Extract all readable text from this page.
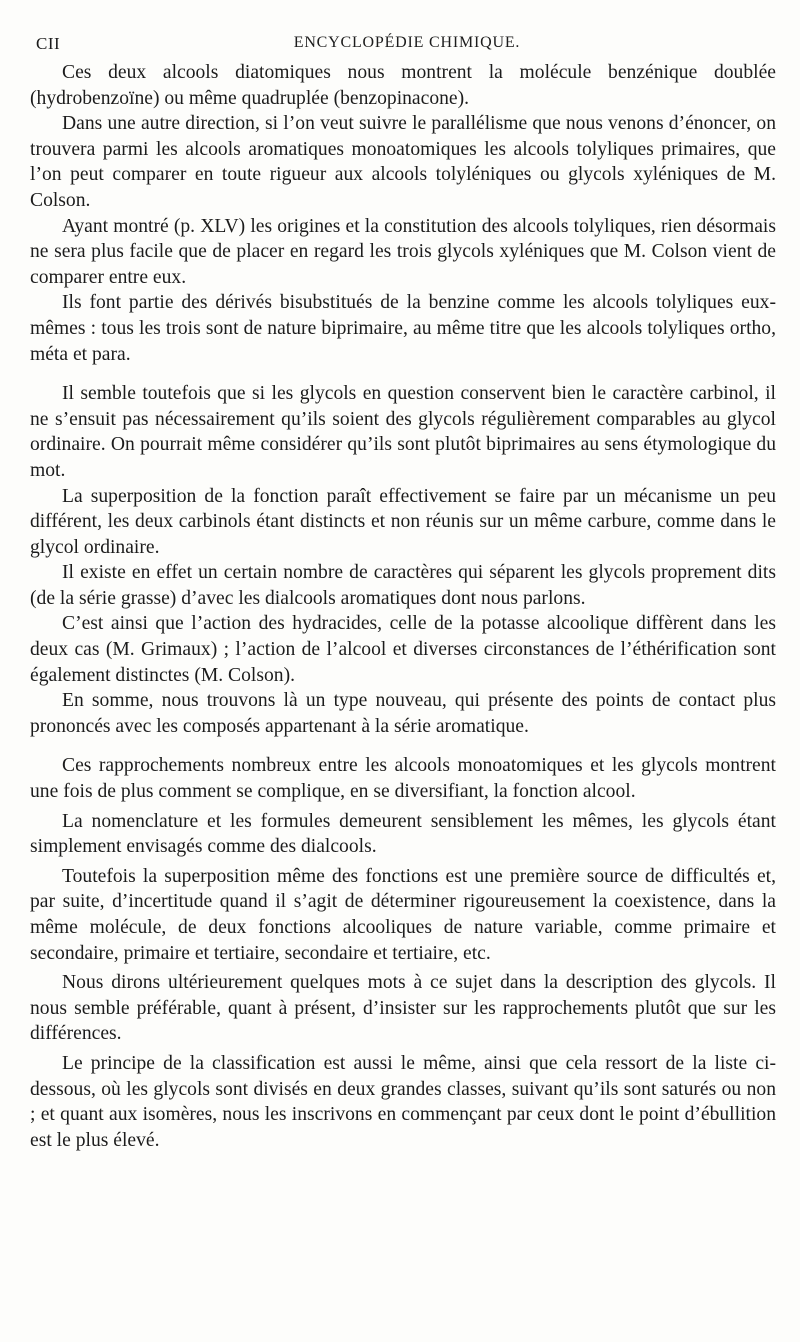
CII	ENCYCLOPÉDIE CHIMIQUE.

Ces deux alcools diatomiques nous montrent la molécule benzénique doublée (hydrobenzoïne) ou même quadruplée (benzopinacone).

Dans une autre direction, si l’on veut suivre le parallélisme que nous venons d’énoncer, on trouvera parmi les alcools aromatiques monoatomiques les alcools tolyliques primaires, que l’on peut comparer en toute rigueur aux alcools tolyléniques ou glycols xyléniques de M. Colson.

Ayant montré (p. XLV) les origines et la constitution des alcools tolyliques, rien désormais ne sera plus facile que de placer en regard les trois glycols xyléniques que M. Colson vient de comparer entre eux.

Ils font partie des dérivés bisubstitués de la benzine comme les alcools tolyliques eux-mêmes : tous les trois sont de nature biprimaire, au même titre que les alcools tolyliques ortho, méta et para.

Il semble toutefois que si les glycols en question conservent bien le caractère carbinol, il ne s’ensuit pas nécessairement qu’ils soient des glycols régulièrement comparables au glycol ordinaire. On pourrait même considérer qu’ils sont plutôt biprimaires au sens étymologique du mot.

La superposition de la fonction paraît effectivement se faire par un mécanisme un peu différent, les deux carbinols étant distincts et non réunis sur un même carbure, comme dans le glycol ordinaire.

Il existe en effet un certain nombre de caractères qui séparent les glycols proprement dits (de la série grasse) d’avec les dialcools aromatiques dont nous parlons.

C’est ainsi que l’action des hydracides, celle de la potasse alcoolique diffèrent dans les deux cas (M. Grimaux) ; l’action de l’alcool et diverses circonstances de l’éthérification sont également distinctes (M. Colson).

En somme, nous trouvons là un type nouveau, qui présente des points de contact plus prononcés avec les composés appartenant à la série aromatique.

Ces rapprochements nombreux entre les alcools monoatomiques et les glycols montrent une fois de plus comment se complique, en se diversifiant, la fonction alcool.

La nomenclature et les formules demeurent sensiblement les mêmes, les glycols étant simplement envisagés comme des dialcools.

Toutefois la superposition même des fonctions est une première source de difficultés et, par suite, d’incertitude quand il s’agit de déterminer rigoureusement la coexistence, dans la même molécule, de deux fonctions alcooliques de nature variable, comme primaire et secondaire, primaire et tertiaire, secondaire et tertiaire, etc.

Nous dirons ultérieurement quelques mots à ce sujet dans la description des glycols. Il nous semble préférable, quant à présent, d’insister sur les rapprochements plutôt que sur les différences.

Le principe de la classification est aussi le même, ainsi que cela ressort de la liste ci-dessous, où les glycols sont divisés en deux grandes classes, suivant qu’ils sont saturés ou non ; et quant aux isomères, nous les inscrivons en commençant par ceux dont le point d’ébullition est le plus élevé.
